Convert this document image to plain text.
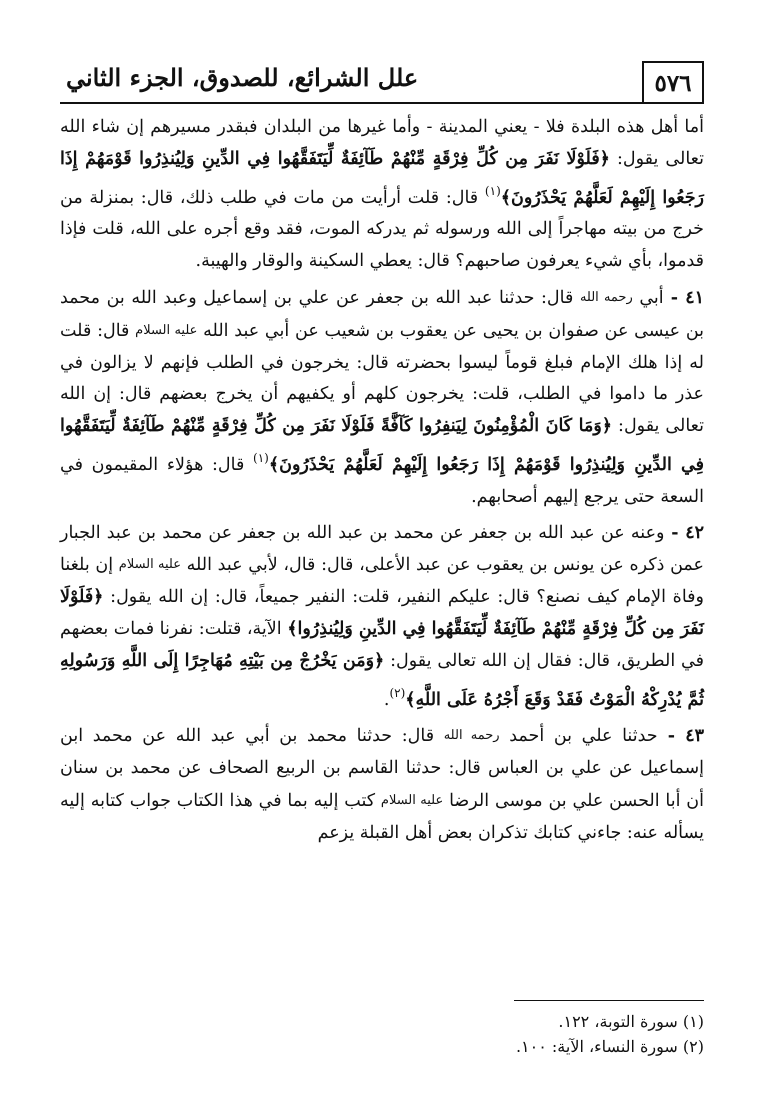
٥٧٦
علل الشرائع، للصدوق، الجزء الثاني

أما أهل هذه البلدة فلا - يعني المدينة - وأما غيرها من البلدان فبقدر مسيرهم إن شاء الله تعالى يقول: ﴿فَلَوْلَا نَفَرَ مِن كُلِّ فِرْقَةٍ مِّنْهُمْ طَآئِفَةٌ لِّيَتَفَقَّهُوا فِي الدِّينِ وَلِيُنذِرُوا قَوْمَهُمْ إِذَا رَجَعُوا إِلَيْهِمْ لَعَلَّهُمْ يَحْذَرُونَ﴾$^{(١)}$ قال: قلت أرأيت من مات في طلب ذلك، قال: بمنزلة من خرج من بيته مهاجراً إلى الله ورسوله ثم يدركه الموت، فقد وقع أجره على الله، قلت فإذا قدموا، بأي شيء يعرفون صاحبهم؟ قال: يعطي السكينة والوقار والهيبة.

٤١ - أبي رحمه الله قال: حدثنا عبد الله بن جعفر عن علي بن إسماعيل وعبد الله بن محمد بن عيسى عن صفوان بن يحيى عن يعقوب بن شعيب عن أبي عبد الله عليه السلام قال: قلت له إذا هلك الإمام فبلغ قوماً ليسوا بحضرته قال: يخرجون في الطلب فإنهم لا يزالون في عذر ما داموا في الطلب، قلت: يخرجون كلهم أو يكفيهم أن يخرج بعضهم قال: إن الله تعالى يقول: ﴿وَمَا كَانَ الْمُؤْمِنُونَ لِيَنفِرُوا كَآفَّةً فَلَوْلَا نَفَرَ مِن كُلِّ فِرْقَةٍ مِّنْهُمْ طَآئِفَةٌ لِّيَتَفَقَّهُوا فِي الدِّينِ وَلِيُنذِرُوا قَوْمَهُمْ إِذَا رَجَعُوا إِلَيْهِمْ لَعَلَّهُمْ يَحْذَرُونَ﴾$^{(١)}$ قال: هؤلاء المقيمون في السعة حتى يرجع إليهم أصحابهم.

٤٢ - وعنه عن عبد الله بن جعفر عن محمد بن عبد الله بن جعفر عن محمد بن عبد الجبار عمن ذكره عن يونس بن يعقوب عن عبد الأعلى، قال: قال، لأبي عبد الله عليه السلام إن بلغنا وفاة الإمام كيف نصنع؟ قال: عليكم النفير، قلت: النفير جميعاً، قال: إن الله يقول: ﴿فَلَوْلَا نَفَرَ مِن كُلِّ فِرْقَةٍ مِّنْهُمْ طَآئِفَةٌ لِّيَتَفَقَّهُوا فِي الدِّينِ وَلِيُنذِرُوا﴾ الآية، قتلت: نفرنا فمات بعضهم في الطريق، قال: فقال إن الله تعالى يقول: ﴿وَمَن يَخْرُجْ مِن بَيْتِهِ مُهَاجِرًا إِلَى اللَّهِ وَرَسُولِهِ ثُمَّ يُدْرِكْهُ الْمَوْتُ فَقَدْ وَقَعَ أَجْرُهُ عَلَى اللَّهِ﴾$^{(٢)}$.

٤٣ - حدثنا علي بن أحمد رحمه الله قال: حدثنا محمد بن أبي عبد الله عن محمد ابن إسماعيل عن علي بن العباس قال: حدثنا القاسم بن الربيع الصحاف عن محمد بن سنان أن أبا الحسن علي بن موسى الرضا عليه السلام كتب إليه بما في هذا الكتاب جواب كتابه إليه يسأله عنه: جاءني كتابك تذكران بعض أهل القبلة يزعم

(١) سورة التوبة، ١٢٢.

(٢) سورة النساء، الآية: ١٠٠.
